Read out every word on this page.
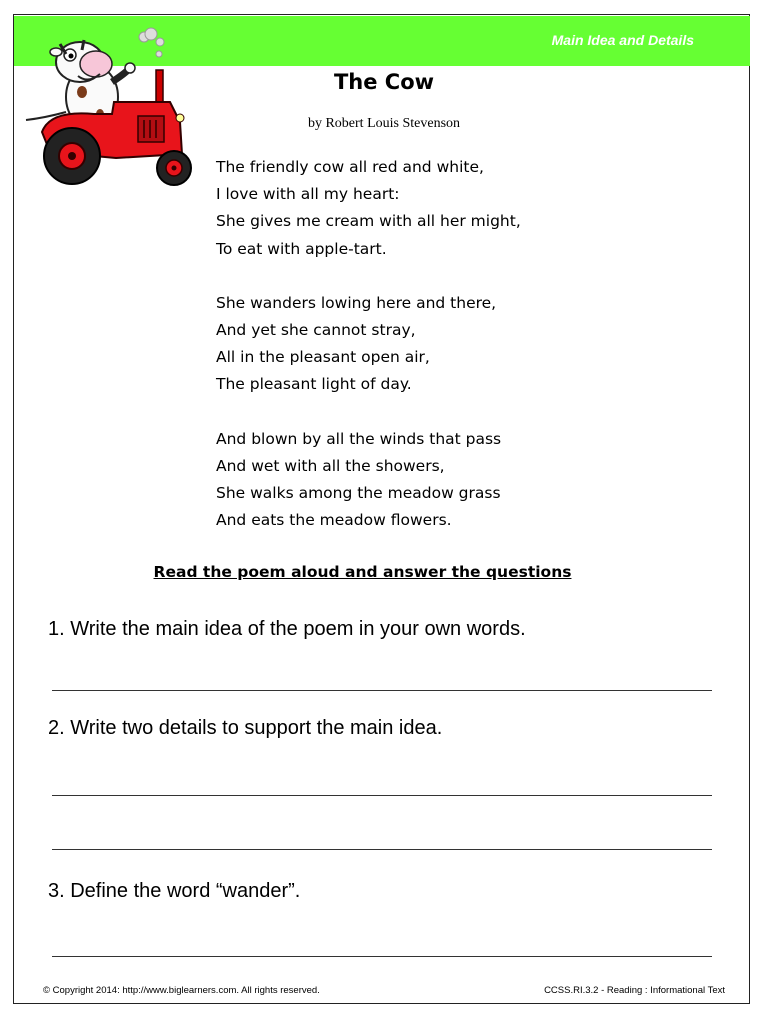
Main Idea and Details
The Cow
by Robert Louis Stevenson
The friendly cow all red and white,
I love with all my heart:
She gives me cream with all her might,
To eat with apple-tart.
She wanders lowing here and there,
And yet she cannot stray,
All in the pleasant open air,
The pleasant light of day.
And blown by all the winds that pass
And wet with all the showers,
She walks among the meadow grass
And eats the meadow flowers.
Read the poem aloud and answer the questions
1. Write the main idea of the poem in your own words.
2. Write two details to support the main idea.
3. Define the word “wander”.
© Copyright 2014: http://www.biglearners.com. All rights reserved.	CCSS.RI.3.2 - Reading : Informational Text
